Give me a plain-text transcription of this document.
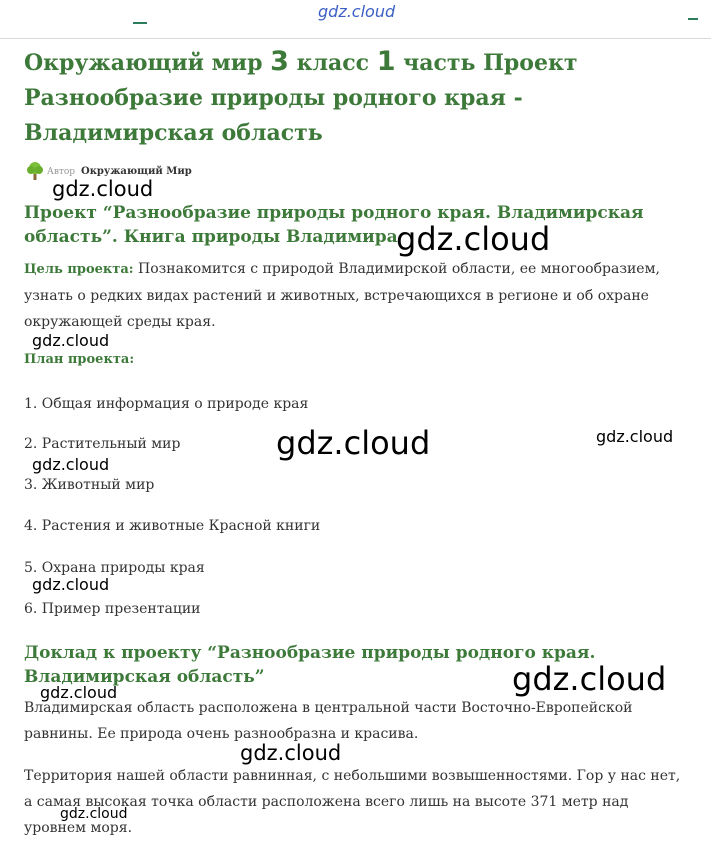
gdz.cloud
Окружающий мир 3 класс 1 часть Проект Разнообразие природы родного края - Владимирская область
Автор Окружающий Мир
Проект “Разнообразие природы родного края. Владимирская область”. Книга природы Владимира

Цель проекта: Познакомится с природой Владимирской области, ее многообразием, узнать о редких видах растений и животных, встречающихся в регионе и об охране окружающей среды края.

План проекта:

1. Общая информация о природе края

2. Растительный мир

3. Животный мир

4. Растения и животные Красной книги

5. Охрана природы края

6. Пример презентации

Доклад к проекту “Разнообразие природы родного края. Владимирская область”

Владимирская область расположена в центральной части Восточно-Европейской равнины. Ее природа очень разнообразна и красива.

Территория нашей области равнинная, с небольшими возвышенностями. Гор у нас нет, а самая высокая точка области расположена всего лишь на высоте 371 метр над уровнем моря.

gdz.cloud
gdz.cloud
gdz.cloud
gdz.cloud	gdz.cloud
gdz.cloud
gdz.cloud
gdz.cloud
gdz.cloud
gdz.cloud
gdz.cloud
